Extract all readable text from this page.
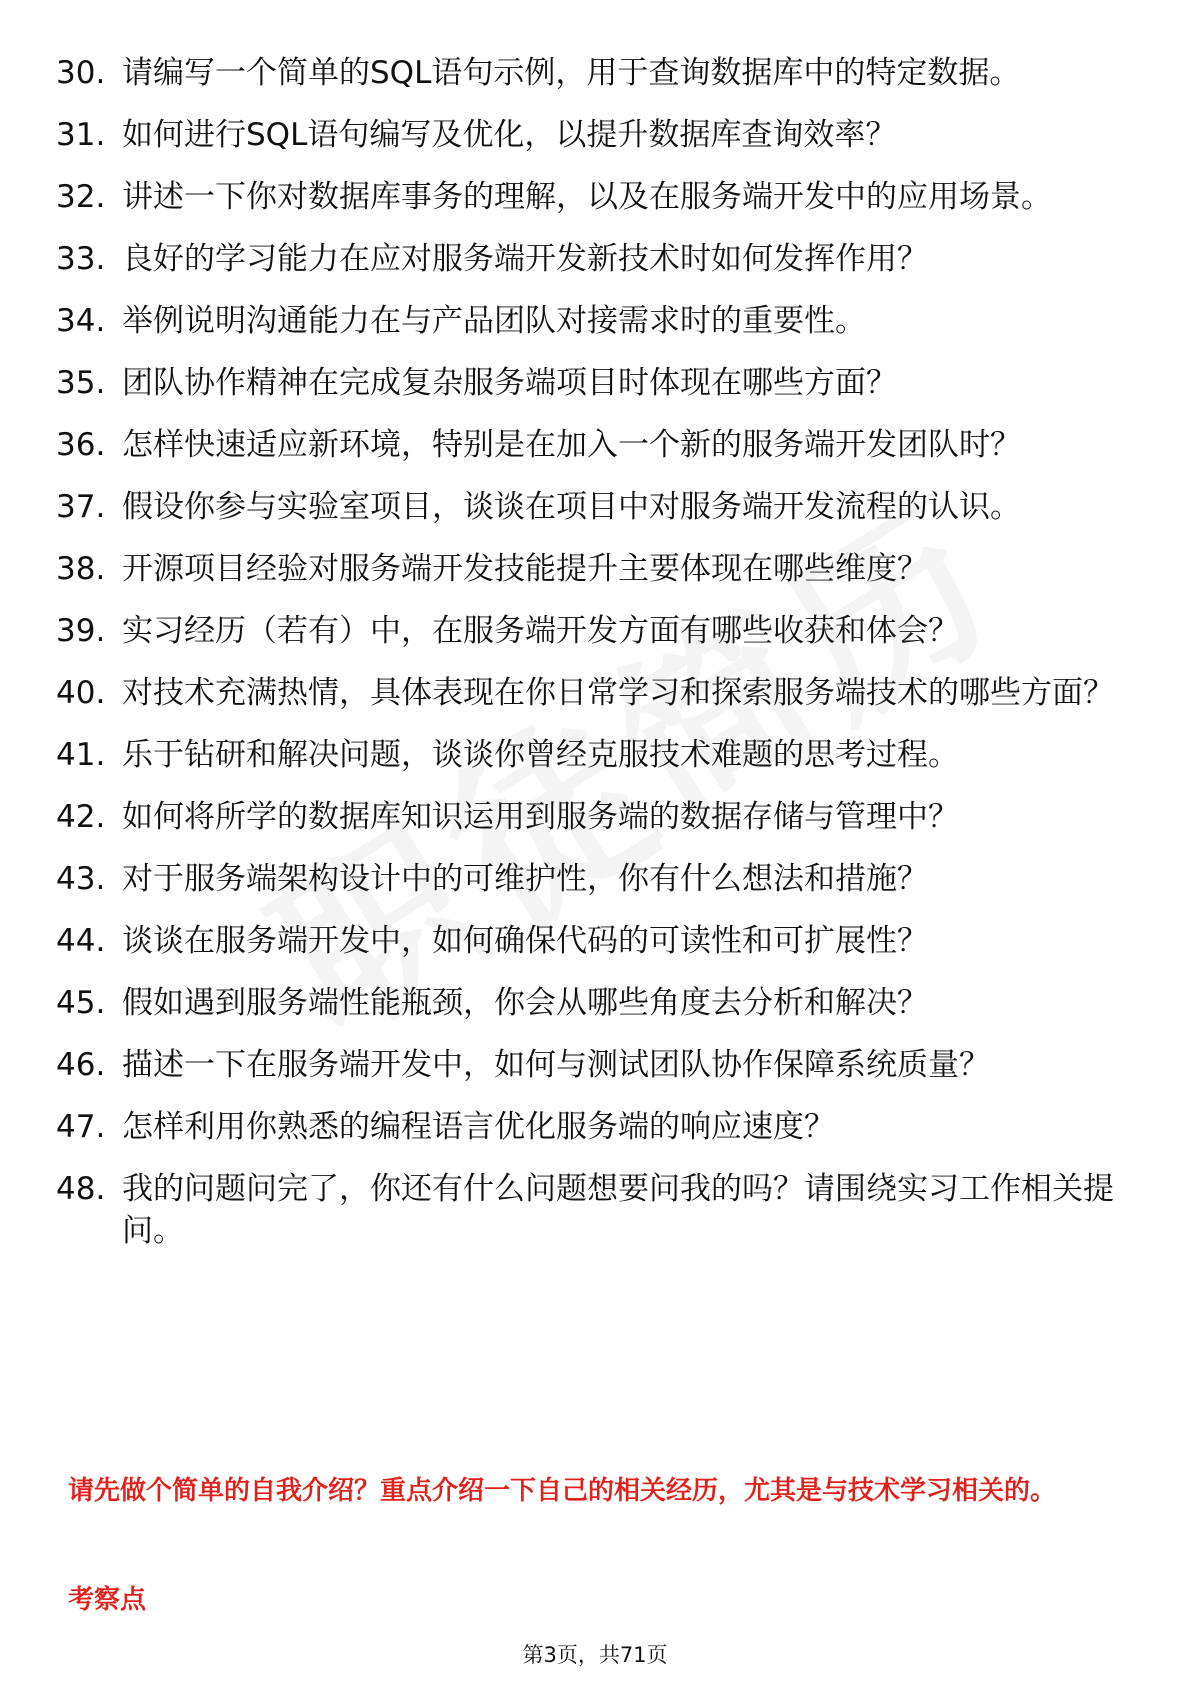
30. 请编写一个简单的SQL语句示例，用于查询数据库中的特定数据。
31. 如何进行SQL语句编写及优化，以提升数据库查询效率？
32. 讲述一下你对数据库事务的理解，以及在服务端开发中的应用场景。
33. 良好的学习能力在应对服务端开发新技术时如何发挥作用？
34. 举例说明沟通能力在与产品团队对接需求时的重要性。
35. 团队协作精神在完成复杂服务端项目时体现在哪些方面？
36. 怎样快速适应新环境，特别是在加入一个新的服务端开发团队时？
37. 假设你参与实验室项目，谈谈在项目中对服务端开发流程的认识。
38. 开源项目经验对服务端开发技能提升主要体现在哪些维度？
39. 实习经历（若有）中，在服务端开发方面有哪些收获和体会？
40. 对技术充满热情，具体表现在你日常学习和探索服务端技术的哪些方面？
41. 乐于钻研和解决问题，谈谈你曾经克服技术难题的思考过程。
42. 如何将所学的数据库知识运用到服务端的数据存储与管理中？
43. 对于服务端架构设计中的可维护性，你有什么想法和措施？
44. 谈谈在服务端开发中，如何确保代码的可读性和可扩展性？
45. 假如遇到服务端性能瓶颈，你会从哪些角度去分析和解决？
46. 描述一下在服务端开发中，如何与测试团队协作保障系统质量？
47. 怎样利用你熟悉的编程语言优化服务端的响应速度？
48. 我的问题问完了，你还有什么问题想要问我的吗？请围绕实习工作相关提问。
请先做个简单的自我介绍？重点介绍一下自己的相关经历，尤其是与技术学习相关的。
考察点
第3页，共71页
